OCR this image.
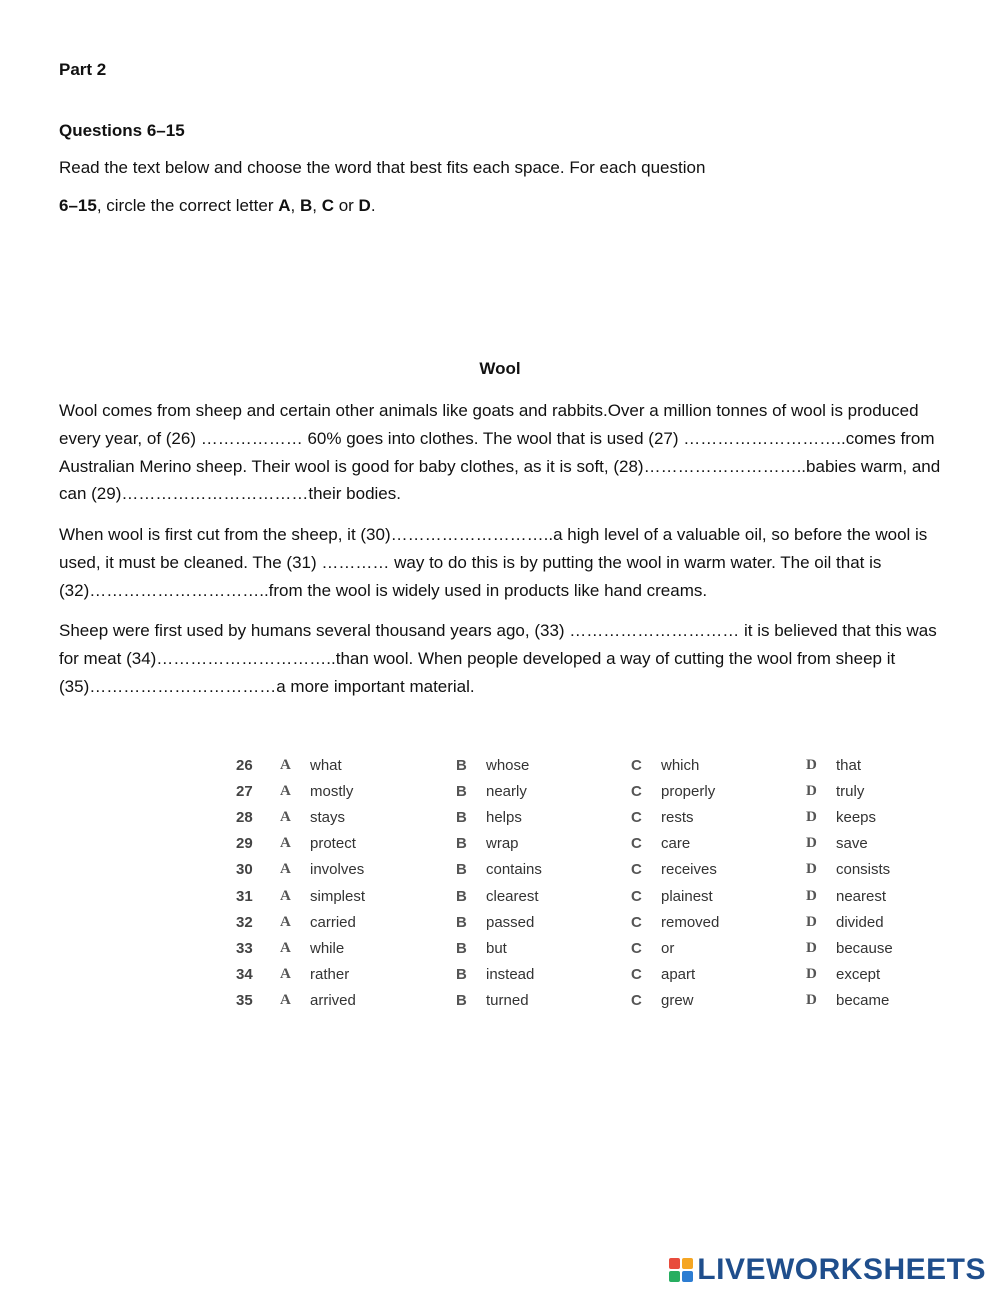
Part 2
Questions 6–15
Read the text below and choose the word that best fits each space. For each question
6–15, circle the correct letter A, B, C or D.
Wool

Wool comes from sheep and certain other animals like goats and rabbits.Over a million tonnes of wool is produced every year, of (26) ……………… 60% goes into clothes. The wool that is used (27) ………………………..comes from Australian Merino sheep. Their wool is good for baby clothes, as it is soft, (28)………………………..babies warm, and can (29)……………………………their bodies.

When wool is first cut from the sheep, it (30)………………………..a high level of a valuable oil, so before the wool is used, it must be cleaned. The (31) ………… way to do this is by putting the wool in warm water. The oil that is (32)…………………………..from the wool is widely used in products like hand creams.

Sheep were first used by humans several thousand years ago, (33) ………………………… it is believed that this was for meat (34)…………………………..than wool. When people developed a way of cutting the wool from sheep it (35)……………………………a more important material.

26	A	what	B	whose	C	which	D	that
27	A	mostly	B	nearly	C	properly	D	truly
28	A	stays	B	helps	C	rests	D	keeps
29	A	protect	B	wrap	C	care	D	save
30	A	involves	B	contains	C	receives	D	consists
31	A	simplest	B	clearest	C	plainest	D	nearest
32	A	carried	B	passed	C	removed	D	divided
33	A	while	B	but	C	or	D	because
34	A	rather	B	instead	C	apart	D	except
35	A	arrived	B	turned	C	grew	D	became
LIVEWORKSHEETS
